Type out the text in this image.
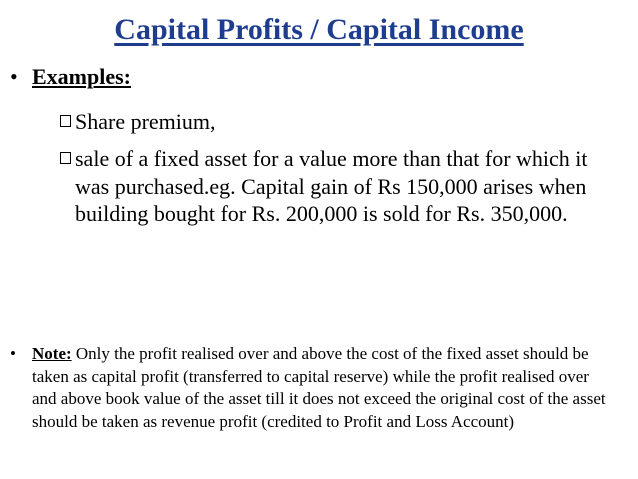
Capital Profits / Capital Income
• Examples:
Share premium,
sale of a fixed asset for a value more than that for which it was purchased.eg. Capital gain of Rs 150,000 arises when building bought for Rs. 200,000 is sold for Rs. 350,000.
• Note: Only the profit realised over and above the cost of the fixed asset should be taken as capital profit (transferred to capital reserve) while the profit realised over and above book value of the asset till it does not exceed the original cost of the asset should be taken as revenue profit (credited to Profit and Loss Account)
